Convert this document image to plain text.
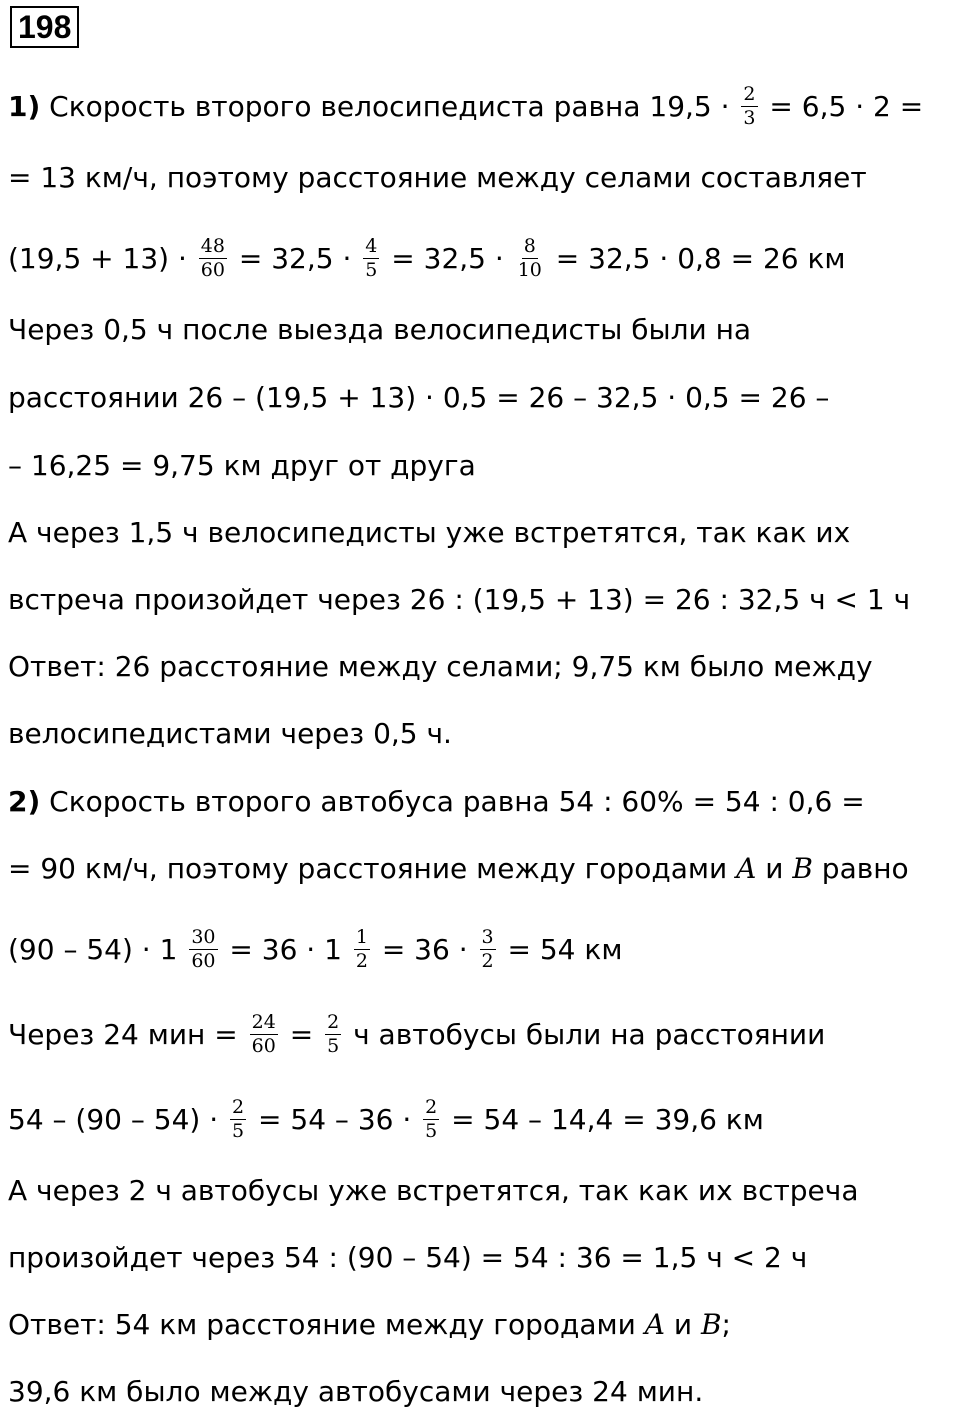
198
1) Скорость второго велосипедиста равна $19,5 \cdot \frac{2}{3} = 6,5 \cdot 2$ =
= 13 км/ч, поэтому расстояние между селами составляет
$(19,5 + 13) \cdot \frac{48}{60} = 32,5 \cdot \frac{4}{5} = 32,5 \cdot \frac{8}{10} = 32,5 \cdot 0,8 = 26$ км
Через 0,5 ч после выезда велосипедисты были на
расстоянии 26 – (19,5 + 13) · 0,5 = 26 – 32,5 · 0,5 = 26 –
– 16,25 = 9,75 км друг от друга
А через 1,5 ч велосипедисты уже встретятся, так как их
встреча произойдет через 26 : (19,5 + 13) = 26 : 32,5 ч < 1 ч
Ответ: 26 расстояние между селами; 9,75 км было между
велосипедистами через 0,5 ч.
2) Скорость второго автобуса равна 54 : 60% = 54 : 0,6 =
= 90 км/ч, поэтому расстояние между городами A и B равно
$(90 - 54) \cdot 1 \frac{30}{60} = 36 \cdot 1 \frac{1}{2} = 36 \cdot \frac{3}{2} = 54$ км
Через 24 мин = $\frac{24}{60} = \frac{2}{5}$ ч автобусы были на расстоянии
$54 - (90 - 54) \cdot \frac{2}{5} = 54 - 36 \cdot \frac{2}{5} = 54 - 14,4 = 39,6$ км
А через 2 ч автобусы уже встретятся, так как их встреча
произойдет через 54 : (90 – 54) = 54 : 36 = 1,5 ч < 2 ч
Ответ: 54 км расстояние между городами A и B ;
39,6 км было между автобусами через 24 мин.
